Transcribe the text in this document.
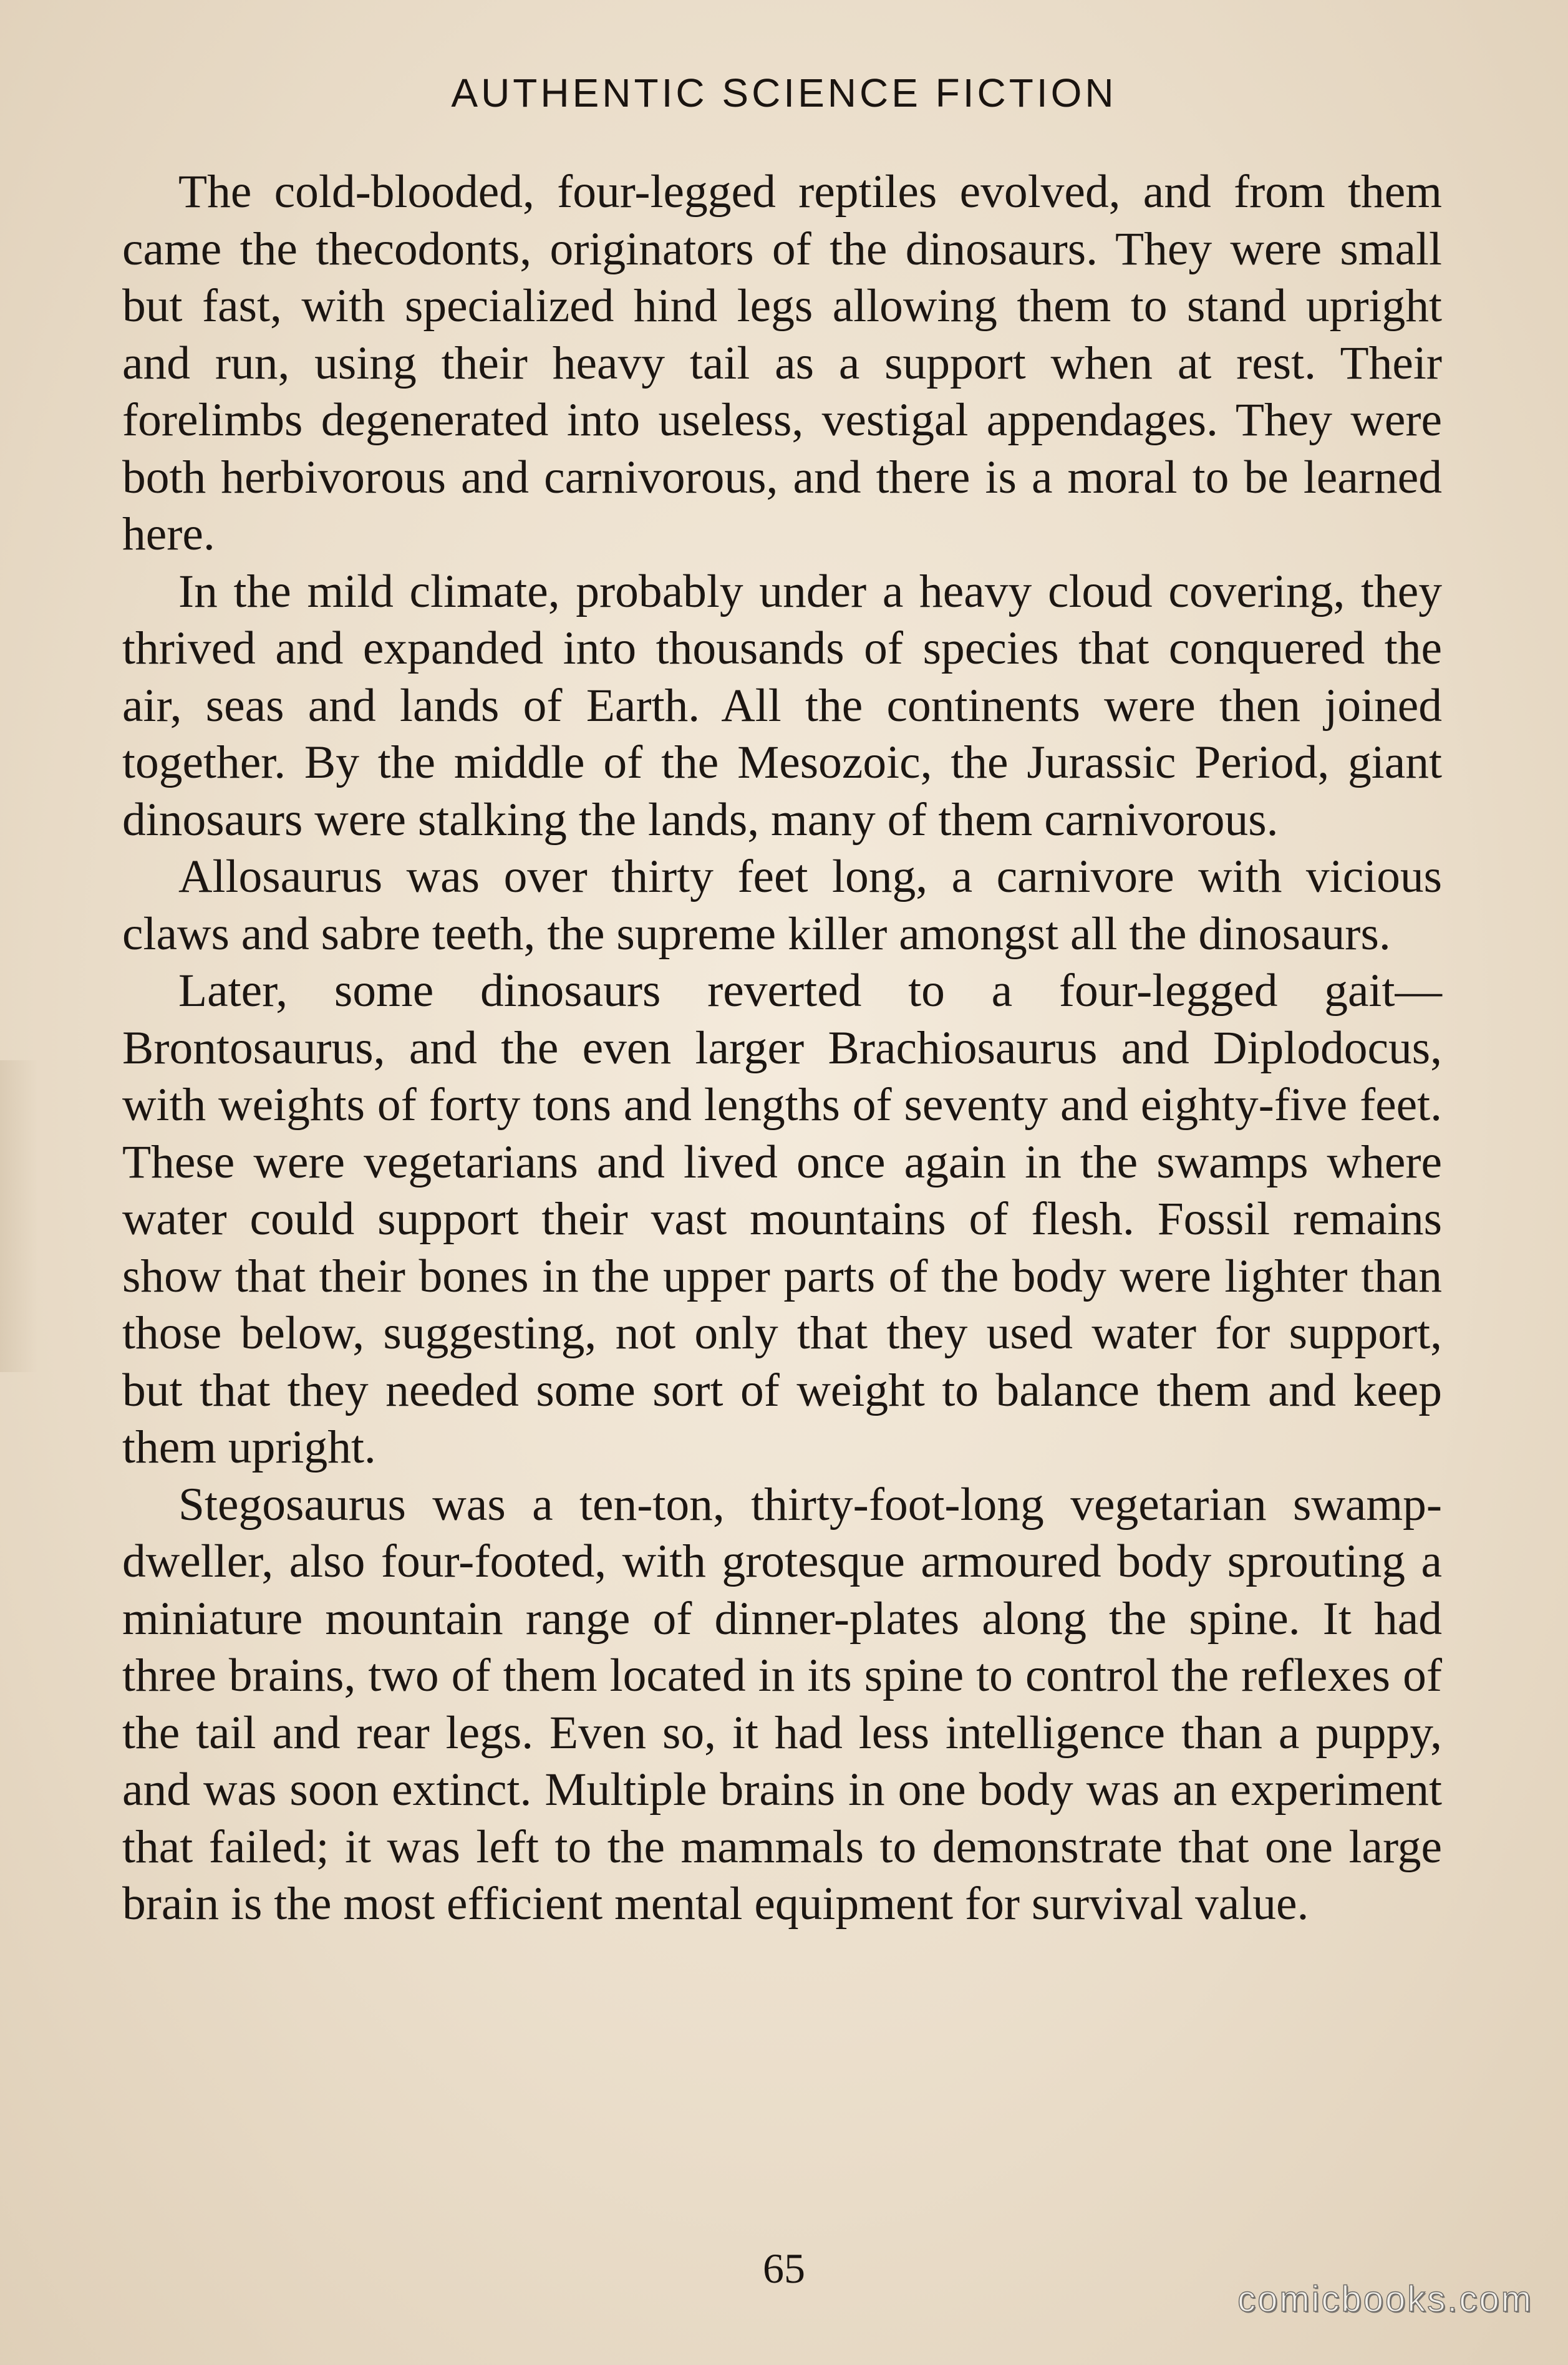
AUTHENTIC SCIENCE FICTION

The cold-blooded, four-legged reptiles evolved, and from them came the thecodonts, originators of the dinosaurs. They were small but fast, with specialized hind legs allowing them to stand upright and run, using their heavy tail as a support when at rest. Their forelimbs degenerated into useless, vestigal appendages. They were both herbivorous and carnivorous, and there is a moral to be learned here.

In the mild climate, probably under a heavy cloud covering, they thrived and expanded into thousands of species that conquered the air, seas and lands of Earth. All the continents were then joined together. By the middle of the Mesozoic, the Jurassic Period, giant dinosaurs were stalking the lands, many of them carnivorous.

Allosaurus was over thirty feet long, a carnivore with vicious claws and sabre teeth, the supreme killer amongst all the dinosaurs.

Later, some dinosaurs reverted to a four-legged gait— Brontosaurus, and the even larger Brachiosaurus and Diplodocus, with weights of forty tons and lengths of seventy and eighty-five feet. These were vegetarians and lived once again in the swamps where water could support their vast mountains of flesh. Fossil remains show that their bones in the upper parts of the body were lighter than those below, suggesting, not only that they used water for support, but that they needed some sort of weight to balance them and keep them upright.

Stegosaurus was a ten-ton, thirty-foot-long vegetarian swamp-dweller, also four-footed, with grotesque armoured body sprouting a miniature mountain range of dinner-plates along the spine. It had three brains, two of them located in its spine to control the reflexes of the tail and rear legs. Even so, it had less intelligence than a puppy, and was soon extinct. Multiple brains in one body was an experiment that failed; it was left to the mammals to demonstrate that one large brain is the most efficient mental equipment for survival value.

65
comicbooks.com
